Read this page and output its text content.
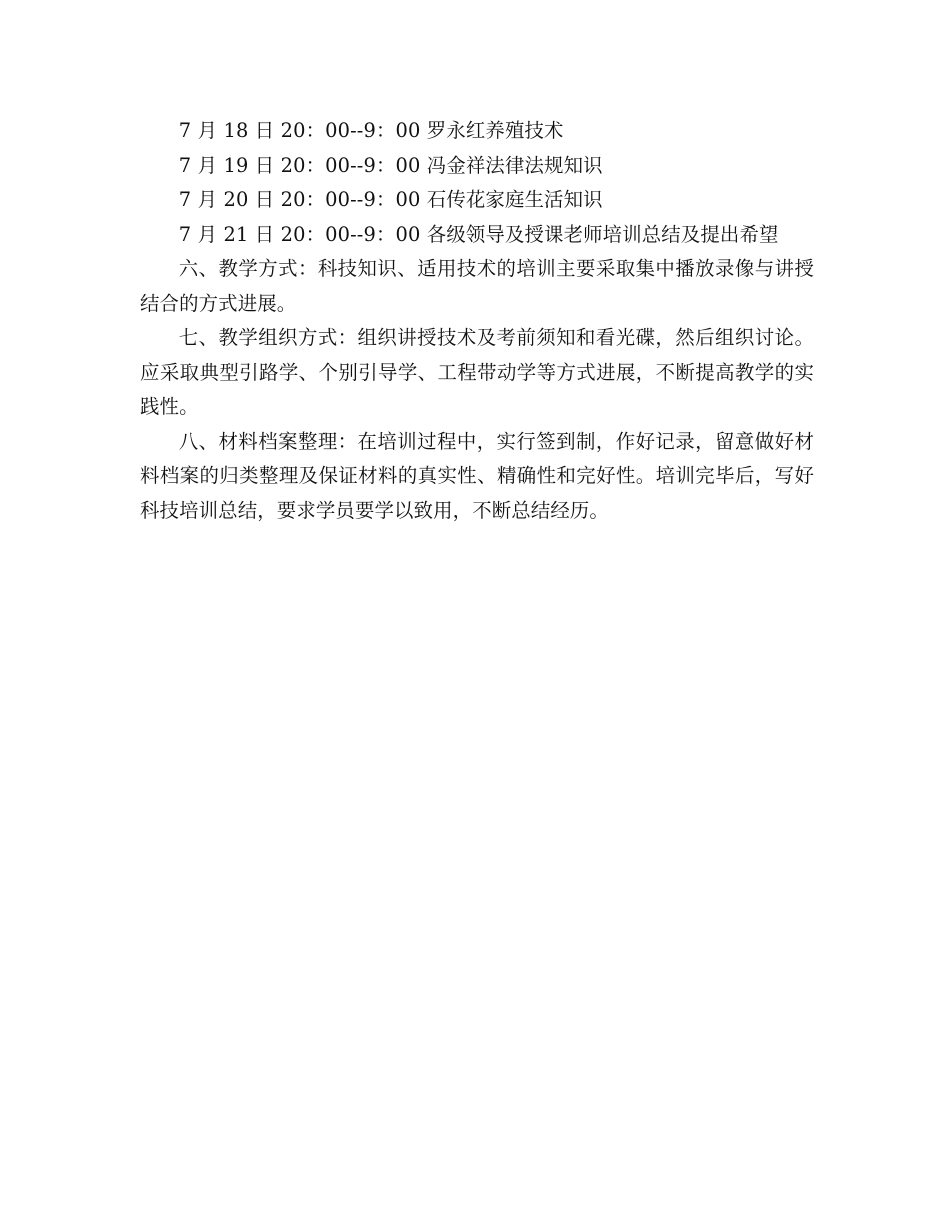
7 月 18 日 20：00--9：00 罗永红养殖技术

7 月 19 日 20：00--9：00 冯金祥法律法规知识

7 月 20 日 20：00--9：00 石传花家庭生活知识

7 月 21 日 20：00--9：00 各级领导及授课老师培训总结及提出希望

六、教学方式：科技知识、适用技术的培训主要采取集中播放录像与讲授结合的方式进展。

七、教学组织方式：组织讲授技术及考前须知和看光碟，然后组织讨论。应采取典型引路学、个别引导学、工程带动学等方式进展，不断提高教学的实践性。

八、材料档案整理：在培训过程中，实行签到制，作好记录，留意做好材料档案的归类整理及保证材料的真实性、精确性和完好性。培训完毕后，写好科技培训总结，要求学员要学以致用，不断总结经历。
